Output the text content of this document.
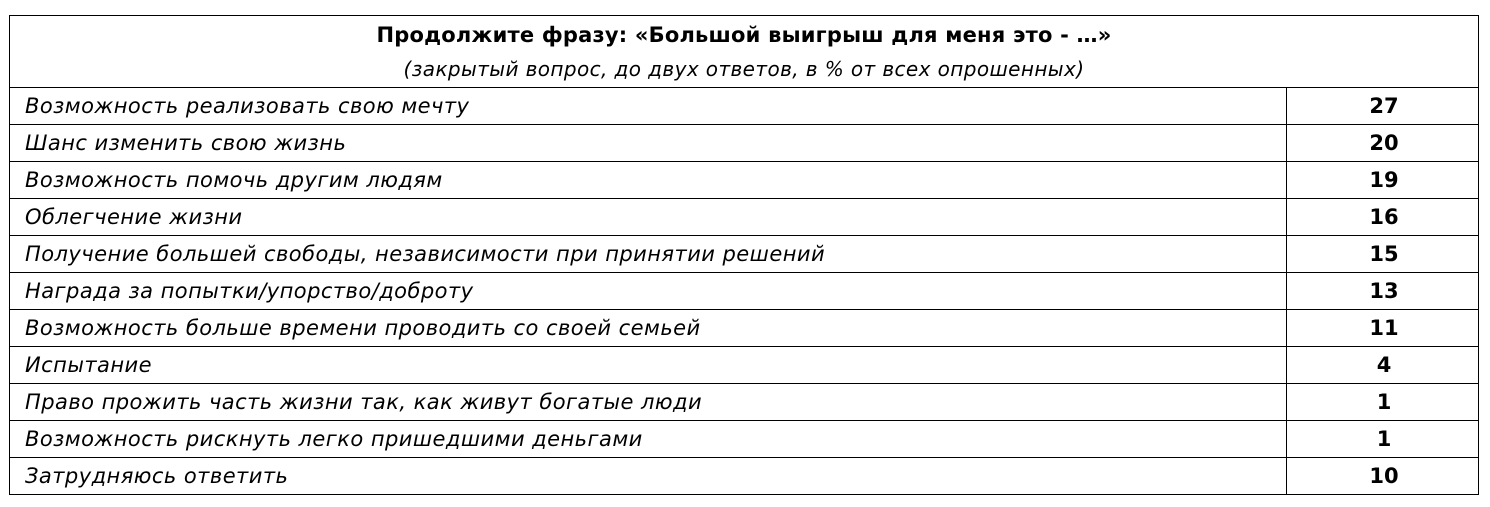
Продолжите фразу: «Большой выигрыш для меня это - …»
(закрытый вопрос, до двух ответов, в % от всех опрошенных)	

Возможность реализовать свою мечту	27
Шанс изменить свою жизнь	20
Возможность помочь другим людям	19
Облегчение жизни	16
Получение большей свободы, независимости при принятии решений	15
Награда за попытки/упорство/доброту	13
Возможность больше времени проводить со своей семьей	11
Испытание	4
Право прожить часть жизни так, как живут богатые люди	1
Возможность рискнуть легко пришедшими деньгами	1
Затрудняюсь ответить	10
